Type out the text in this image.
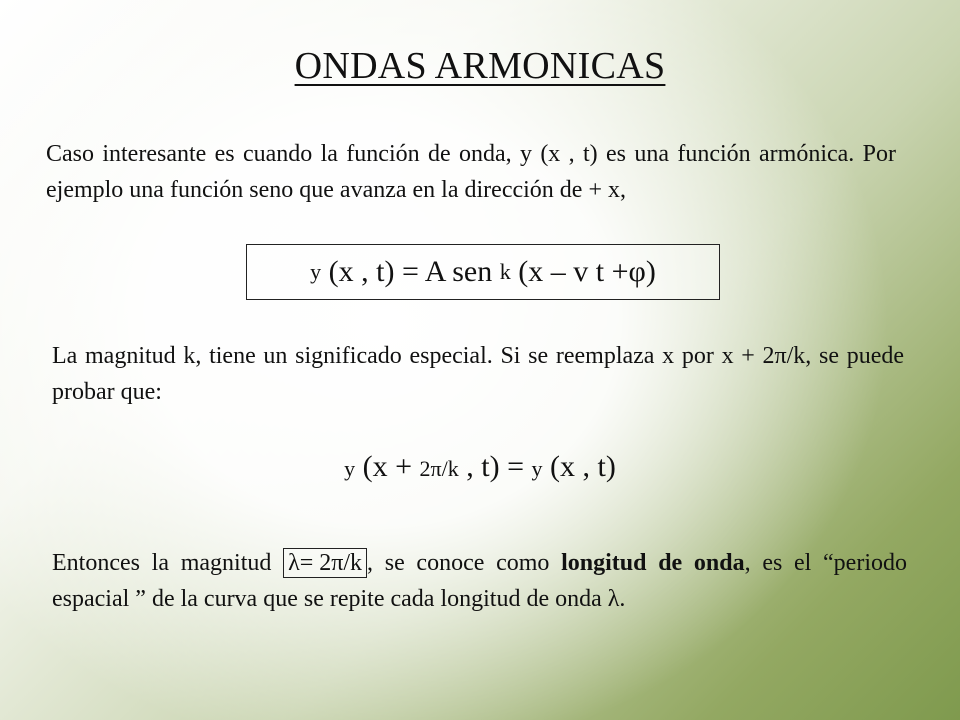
ONDAS ARMONICAS
Caso interesante es cuando la función de onda, y (x , t) es una función armónica. Por ejemplo una función seno que avanza en la dirección de + x,
y (x , t) = A sen k (x – v t +φ)
La magnitud k, tiene un significado especial. Si se reemplaza x por x + 2π/k, se puede probar que:
y (x + 2π/k , t) = y (x , t)
Entonces la magnitud λ= 2π/k, se conoce como longitud de onda, es el “periodo espacial ” de la curva que se repite cada longitud de onda λ.
